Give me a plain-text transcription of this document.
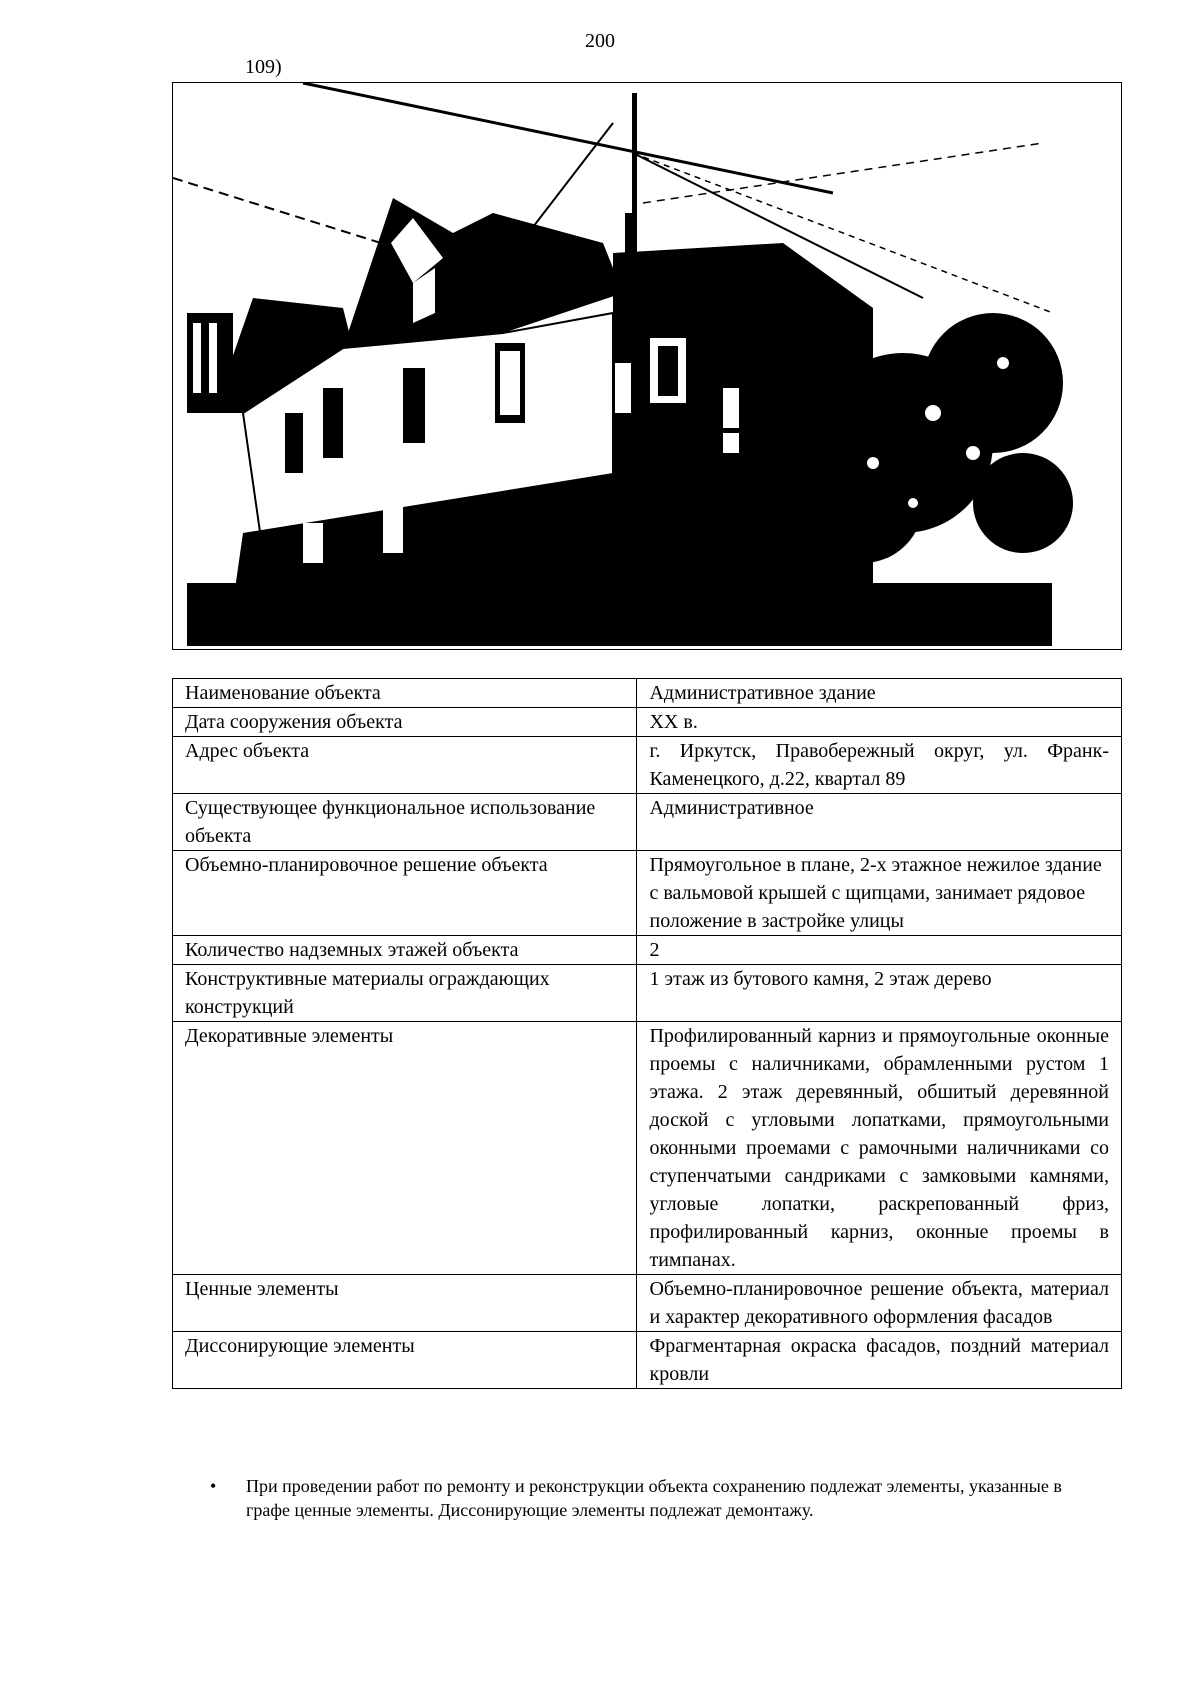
200
109)
Наименование объекта	Административное здание
Дата сооружения объекта	XX в.
Адрес объекта	г. Иркутск, Правобережный округ, ул. Франк-Каменецкого, д.22, квартал 89
Существующее функциональное использование объекта	Административное
Объемно-планировочное решение объекта	Прямоугольное в плане, 2-х этажное нежилое здание с вальмовой крышей с щипцами, занимает рядовое положение в застройке улицы
Количество надземных этажей объекта	2
Конструктивные материалы ограждающих конструкций	1 этаж из бутового камня, 2 этаж дерево
Декоративные элементы	Профилированный карниз и прямоугольные оконные проемы с наличниками, обрамленными рустом 1 этажа. 2 этаж деревянный, обшитый деревянной доской с угловыми лопатками, прямоугольными оконными проемами с рамочными наличниками со ступенчатыми сандриками с замковыми камнями, угловые лопатки, раскрепованный фриз, профилированный карниз, оконные проемы в тимпанах.
Ценные элементы	Объемно-планировочное решение объекта, материал и характер декоративного оформления фасадов
Диссонирующие элементы	Фрагментарная окраска фасадов, поздний материал кровли
• При проведении работ по ремонту и реконструкции объекта сохранению подлежат элементы, указанные в графе ценные элементы. Диссонирующие элементы подлежат демонтажу.
